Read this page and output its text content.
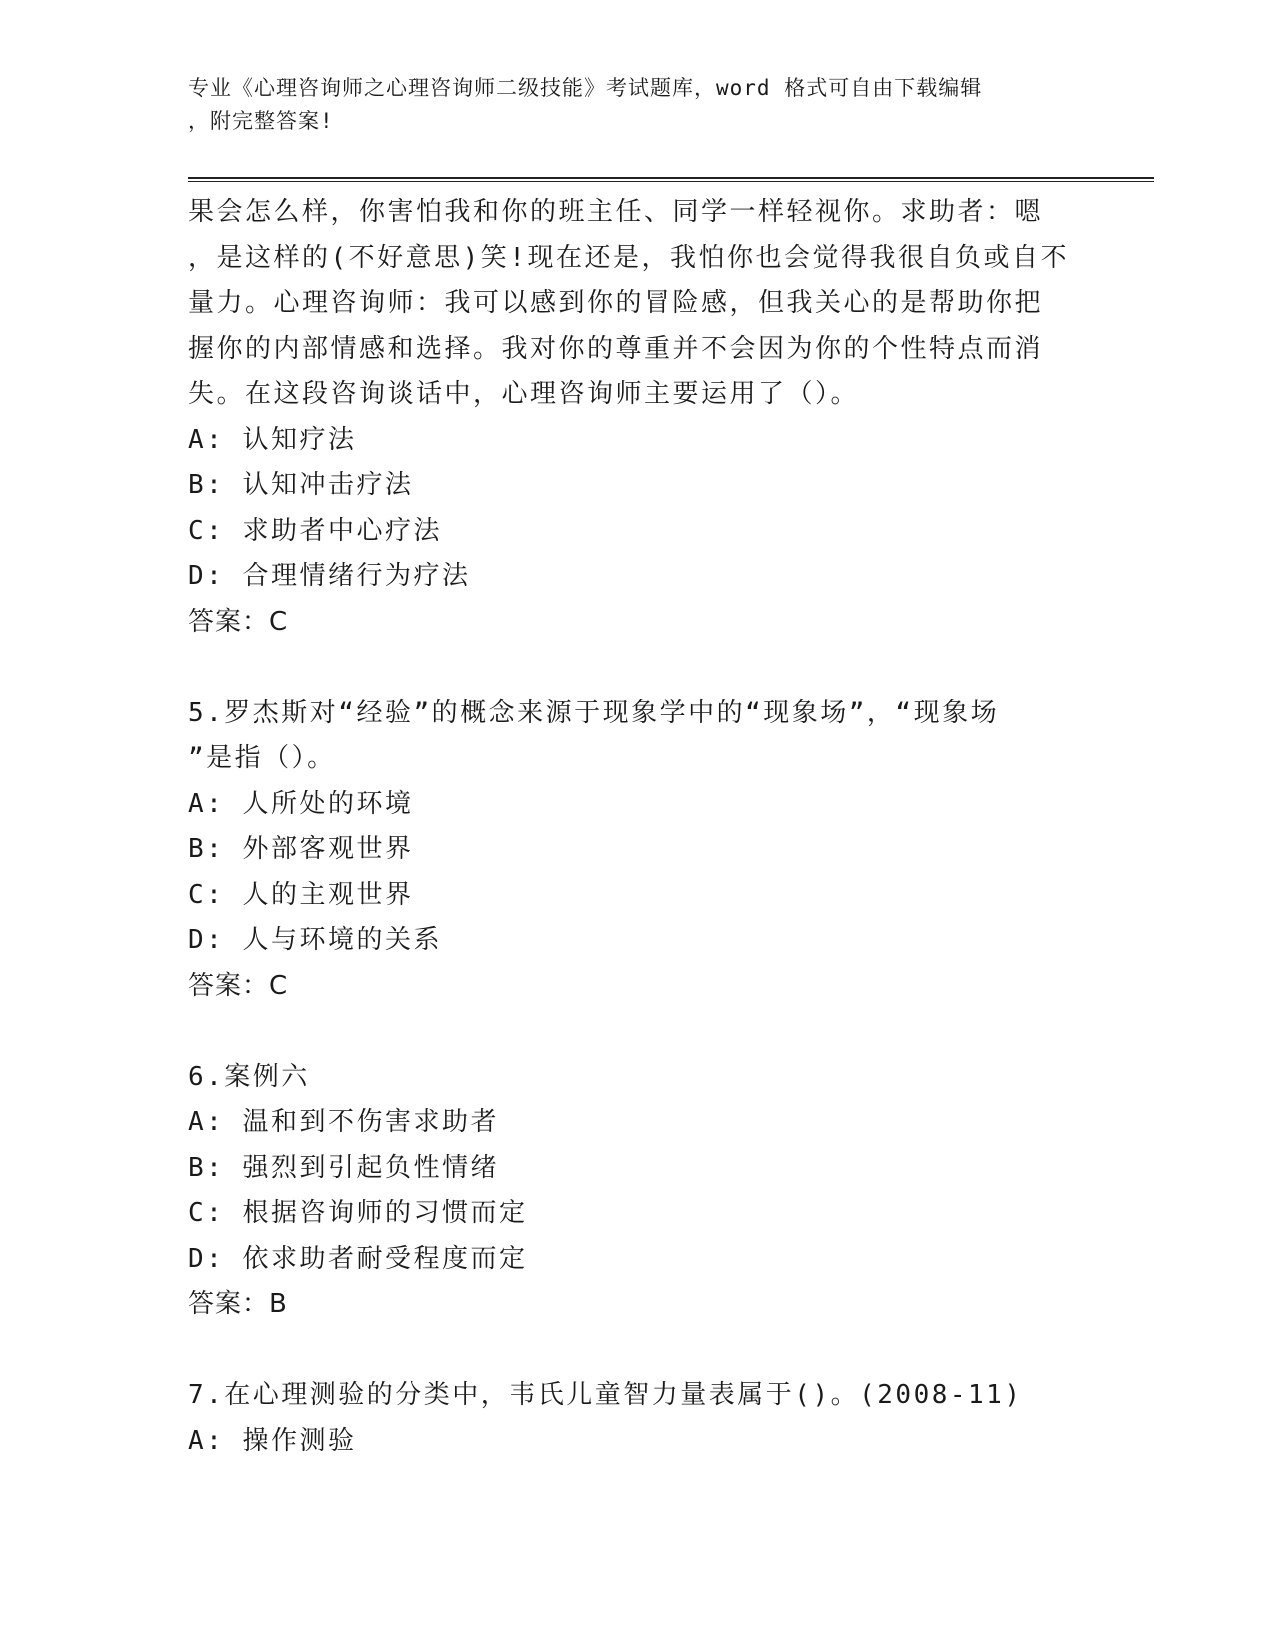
专业《心理咨询师之心理咨询师二级技能》考试题库，word 格式可自由下载编辑
，附完整答案!
果会怎么样，你害怕我和你的班主任、同学一样轻视你。求助者：嗯
，是这样的(不好意思)笑!现在还是，我怕你也会觉得我很自负或自不
量力。心理咨询师：我可以感到你的冒险感，但我关心的是帮助你把
握你的内部情感和选择。我对你的尊重并不会因为你的个性特点而消
失。在这段咨询谈话中，心理咨询师主要运用了（）。
A: 认知疗法
B: 认知冲击疗法
C: 求助者中心疗法
D: 合理情绪行为疗法
答案：C
5.罗杰斯对“经验”的概念来源于现象学中的“现象场”，“现象场
”是指（）。
A: 人所处的环境
B: 外部客观世界
C: 人的主观世界
D: 人与环境的关系
答案：C
6.案例六
A: 温和到不伤害求助者
B: 强烈到引起负性情绪
C: 根据咨询师的习惯而定
D: 依求助者耐受程度而定
答案：B
7.在心理测验的分类中，韦氏儿童智力量表属于()。(2008-11)
A: 操作测验
